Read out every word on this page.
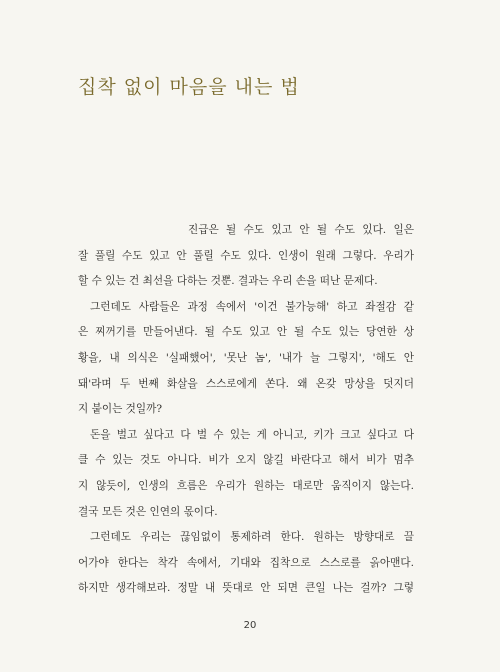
집착 없이 마음을 내는 법
진급은 될 수도 있고 안 될 수도 있다. 일은
잘 풀릴 수도 있고 안 풀릴 수도 있다. 인생이 원래 그렇다. 우리가
할 수 있는 건 최선을 다하는 것뿐. 결과는 우리 손을 떠난 문제다.
그런데도 사람들은 과정 속에서 '이건 불가능해' 하고 좌절감 같
은 찌꺼기를 만들어낸다. 될 수도 있고 안 될 수도 있는 당연한 상
황을, 내 의식은 '실패했어', '못난 놈', '내가 늘 그렇지', '해도 안
돼'라며 두 번째 화살을 스스로에게 쏜다. 왜 온갖 망상을 덧지더
지 붙이는 것일까?
돈을 벌고 싶다고 다 벌 수 있는 게 아니고, 키가 크고 싶다고 다
클 수 있는 것도 아니다. 비가 오지 않길 바란다고 해서 비가 멈추
지 않듯이, 인생의 흐름은 우리가 원하는 대로만 움직이지 않는다.
결국 모든 것은 인연의 몫이다.
그런데도 우리는 끊임없이 통제하려 한다. 원하는 방향대로 끌
어가야 한다는 착각 속에서, 기대와 집착으로 스스로를 옭아맨다.
하지만 생각해보라. 정말 내 뜻대로 안 되면 큰일 나는 걸까? 그렇
20
